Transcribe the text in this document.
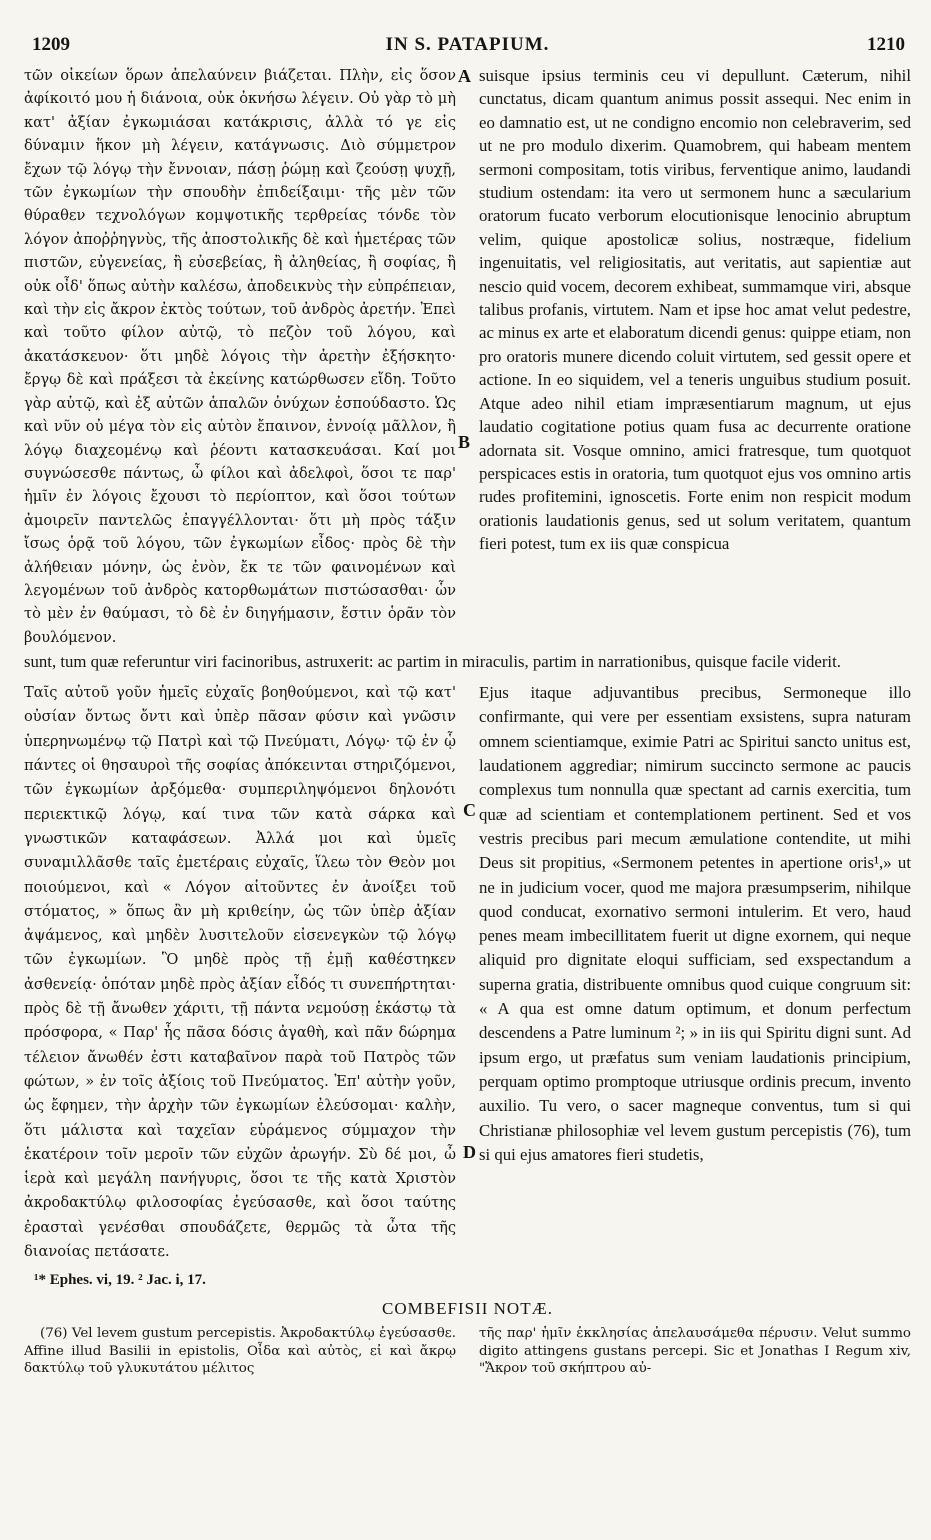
1209	IN S. PATAPIUM.	1210
A
B
C
D

τῶν οἰκείων ὅρων ἀπελαύνειν βιάζεται. Πλὴν, εἰς ὅσον ἀφίκοιτό μου ἡ διάνοια, οὐκ ὀκνήσω λέγειν. Οὐ γὰρ τὸ μὴ κατ' ἀξίαν ἐγκωμιάσαι κατάκρισις, ἀλλὰ τό γε εἰς δύναμιν ἥκον μὴ λέγειν, κατάγνωσις. Διὸ σύμμετρον ἔχων τῷ λόγῳ τὴν ἔννοιαν, πάσῃ ῥώμῃ καὶ ζεούσῃ ψυχῇ, τῶν ἐγκωμίων τὴν σπουδὴν ἐπιδείξαιμι· τῆς μὲν τῶν θύραθεν τεχνολόγων κομψοτικῆς τερθρείας τόνδε τὸν λόγον ἀποῤῥηγνὺς, τῆς ἀποστολικῆς δὲ καὶ ἡμετέρας τῶν πιστῶν, εὐγενείας, ἢ εὐσεβείας, ἢ ἀληθείας, ἢ σοφίας, ἢ οὐκ οἶδ' ὅπως αὐτὴν καλέσω, ἀποδεικνὺς τὴν εὐπρέπειαν, καὶ τὴν εἰς ἄκρον ἐκτὸς τούτων, τοῦ ἀνδρὸς ἀρετήν. Ἐπεὶ καὶ τοῦτο φίλον αὐτῷ, τὸ πεζὸν τοῦ λόγου, καὶ ἀκατάσκευον· ὅτι μηδὲ λόγοις τὴν ἀρετὴν ἐξήσκητο· ἔργῳ δὲ καὶ πράξεσι τὰ ἐκείνης κατώρθωσεν εἴδη. Τοῦτο γὰρ αὐτῷ, καὶ ἐξ αὐτῶν ἁπαλῶν ὀνύχων ἐσπούδαστο. Ὡς καὶ νῦν οὐ μέγα τὸν εἰς αὐτὸν ἔπαινον, ἐννοίᾳ μᾶλλον, ἢ λόγῳ διαχεομένῳ καὶ ῥέοντι κατασκευάσαι. Καί μοι συγνώσεσθε πάντως, ὦ φίλοι καὶ ἀδελφοὶ, ὅσοι τε παρ' ἡμῖν ἐν λόγοις ἔχουσι τὸ περίοπτον, καὶ ὅσοι τούτων ἀμοιρεῖν παντελῶς ἐπαγγέλλονται· ὅτι μὴ πρὸς τάξιν ἴσως ὁρᾷ τοῦ λόγου, τῶν ἐγκωμίων εἶδος· πρὸς δὲ τὴν ἀλήθειαν μόνην, ὡς ἐνὸν, ἔκ τε τῶν φαινομένων καὶ λεγομένων τοῦ ἀνδρὸς κατορθωμάτων πιστώσασθαι· ὧν τὸ μὲν ἐν θαύμασι, τὸ δὲ ἐν διηγήμασιν, ἔστιν ὁρᾶν τὸν βουλόμενον.

suisque ipsius terminis ceu vi depullunt. Cæterum, nihil cunctatus, dicam quantum animus possit assequi. Nec enim in eo damnatio est, ut ne condigno encomio non celebraverim, sed ut ne pro modulo dixerim. Quamobrem, qui habeam mentem sermoni compositam, totis viribus, ferventique animo, laudandi studium ostendam: ita vero ut sermonem hunc a sæcularium oratorum fucato verborum elocutionisque lenocinio abruptum velim, quique apostolicæ solius, nostræque, fidelium ingenuitatis, vel religiositatis, aut veritatis, aut sapientiæ aut nescio quid vocem, decorem exhibeat, summamque viri, absque talibus profanis, virtutem. Nam et ipse hoc amat velut pedestre, ac minus ex arte et elaboratum dicendi genus: quippe etiam, non pro oratoris munere dicendo coluit virtutem, sed gessit opere et actione. In eo siquidem, vel a teneris unguibus studium posuit. Atque adeo nihil etiam impræsentiarum magnum, ut ejus laudatio cogitatione potius quam fusa ac decurrente oratione adornata sit. Vosque omnino, amici fratresque, tum quotquot perspicaces estis in oratoria, tum quotquot ejus vos omnino artis rudes profitemini, ignoscetis. Forte enim non respicit modum orationis laudationis genus, sed ut solum veritatem, quantum fieri potest, tum ex iis quæ conspicua

sunt, tum quæ referuntur viri facinoribus, astruxerit: ac partim in miraculis, partim in narrationibus, quisque facile viderit.

Ταῖς αὐτοῦ γοῦν ἡμεῖς εὐχαῖς βοηθούμενοι, καὶ τῷ κατ' οὐσίαν ὄντως ὄντι καὶ ὑπὲρ πᾶσαν φύσιν καὶ γνῶσιν ὑπερηνωμένῳ τῷ Πατρὶ καὶ τῷ Πνεύματι, Λόγῳ· τῷ ἐν ᾧ πάντες οἱ θησαυροὶ τῆς σοφίας ἀπόκεινται στηριζόμενοι, τῶν ἐγκωμίων ἀρξόμεθα· συμπεριληψόμενοι δηλονότι περιεκτικῷ λόγῳ, καί τινα τῶν κατὰ σάρκα καὶ γνωστικῶν καταφάσεων. Ἀλλά μοι καὶ ὑμεῖς συναμιλλᾶσθε ταῖς ἐμετέραις εὐχαῖς, ἵλεω τὸν Θεὸν μοι ποιούμενοι, καὶ « Λόγον αἰτοῦντες ἐν ἀνοίξει τοῦ στόματος, » ὅπως ἂν μὴ κριθείην, ὡς τῶν ὑπὲρ ἀξίαν ἀψάμενος, καὶ μηδὲν λυσιτελοῦν εἰσενεγκὼν τῷ λόγῳ τῶν ἐγκωμίων. Ὃ μηδὲ πρὸς τῇ ἐμῇ καθέστηκεν ἀσθενείᾳ· ὁπόταν μηδὲ πρὸς ἀξίαν εἶδός τι συνεπήρτηται· πρὸς δὲ τῇ ἄνωθεν χάριτι, τῇ πάντα νεμούσῃ ἑκάστῳ τὰ πρόσφορα, « Παρ' ἧς πᾶσα δόσις ἀγαθὴ, καὶ πᾶν δώρημα τέλειον ἄνωθέν ἐστι καταβαῖνον παρὰ τοῦ Πατρὸς τῶν φώτων, » ἐν τοῖς ἀξίοις τοῦ Πνεύματος. Ἐπ' αὐτὴν γοῦν, ὡς ἔφημεν, τὴν ἀρχὴν τῶν ἐγκωμίων ἐλεύσομαι· καλὴν, ὅτι μάλιστα καὶ ταχεῖαν εὑράμενος σύμμαχον τὴν ἑκατέροιν τοῖν μεροῖν τῶν εὐχῶν ἀρωγήν. Σὺ δέ μοι, ὦ ἱερὰ καὶ μεγάλη πανήγυρις, ὅσοι τε τῆς κατὰ Χριστὸν ἀκροδακτύλῳ φιλοσοφίας ἐγεύσασθε, καὶ ὅσοι ταύτης ἐρασταὶ γενέσθαι σπουδάζετε, θερμῶς τὰ ὦτα τῆς διανοίας πετάσατε.

Ejus itaque adjuvantibus precibus, Sermoneque illo confirmante, qui vere per essentiam exsistens, supra naturam omnem scientiamque, eximie Patri ac Spiritui sancto unitus est, laudationem aggrediar; nimirum succincto sermone ac paucis complexus tum nonnulla quæ spectant ad carnis exercitia, tum quæ ad scientiam et contemplationem pertinent. Sed et vos vestris precibus pari mecum æmulatione contendite, ut mihi Deus sit propitius, «Sermonem petentes in apertione oris¹,» ut ne in judicium vocer, quod me majora præsumpserim, nihilque quod conducat, exornativo sermoni intulerim. Et vero, haud penes meam imbecillitatem fuerit ut digne exornem, qui neque aliquid pro dignitate eloqui sufficiam, sed exspectandum a superna gratia, distribuente omnibus quod cuique congruum sit: « A qua est omne datum optimum, et donum perfectum descendens a Patre luminum ²; » in iis qui Spiritu digni sunt. Ad ipsum ergo, ut præfatus sum veniam laudationis principium, perquam optimo promptoque utriusque ordinis precum, invento auxilio. Tu vero, o sacer magneque conventus, tum si qui Christianæ philosophiæ vel levem gustum percepistis (76), tum si qui ejus amatores fieri studetis,

¹* Ephes. vi, 19. ² Jac. i, 17.
COMBEFISII NOTÆ.

(76) Vel levem gustum percepistis. Ἀκροδακτύλῳ ἐγεύσασθε. Affine illud Basilii in epistolis, Οἶδα καὶ αὐτὸς, εἰ καὶ ἄκρῳ δακτύλῳ τοῦ γλυκυτάτου μέλιτος

τῆς παρ' ἡμῖν ἐκκλησίας ἀπελαυσάμεθα πέρυσιν. Velut summo digito attingens gustans percepi. Sic et Jonathas I Regum xiv, "Ἄκρον τοῦ σκήπτρου αὐ-
